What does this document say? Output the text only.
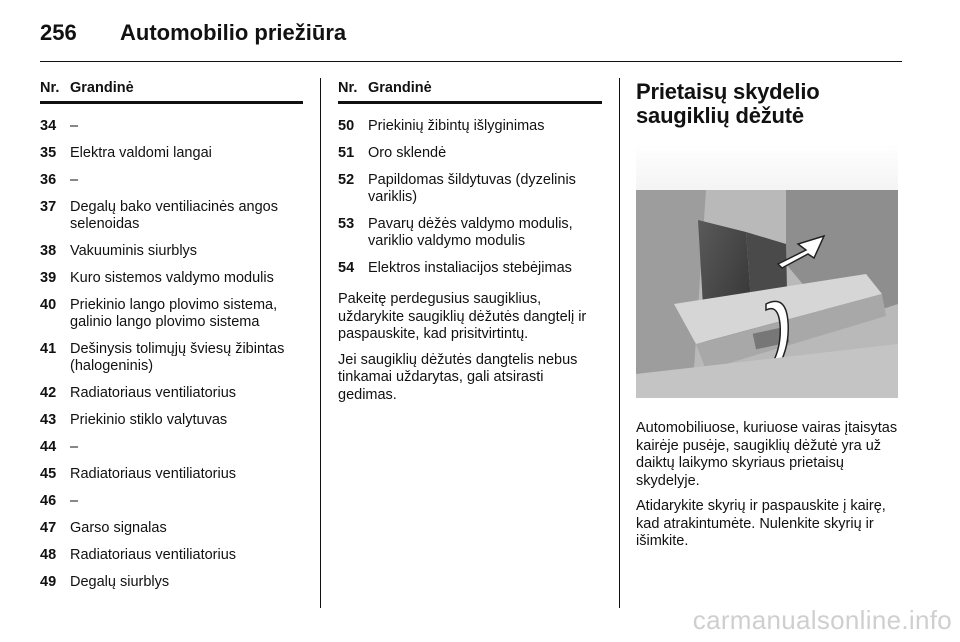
256 Automobilio priežiūra
Nr. Grandinė
34 –
35 Elektra valdomi langai
36 –
37 Degalų bako ventiliacinės angos selenoidas
38 Vakuuminis siurblys
39 Kuro sistemos valdymo modulis
40 Priekinio lango plovimo sistema, galinio lango plovimo sistema
41 Dešinysis tolimųjų šviesų žibintas (halogeninis)
42 Radiatoriaus ventiliatorius
43 Priekinio stiklo valytuvas
44 –
45 Radiatoriaus ventiliatorius
46 –
47 Garso signalas
48 Radiatoriaus ventiliatorius
49 Degalų siurblys
Nr. Grandinė
50 Priekinių žibintų išlyginimas
51 Oro sklendė
52 Papildomas šildytuvas (dyzelinis variklis)
53 Pavarų dėžės valdymo modulis, variklio valdymo modulis
54 Elektros instaliacijos stebėjimas

Pakeitę perdegusius saugiklius, uždarykite saugiklių dėžutės dangtelį ir paspauskite, kad prisitvirtintų.

Jei saugiklių dėžutės dangtelis nebus tinkamai uždarytas, gali atsirasti gedimas.

Prietaisų skydelio saugiklių dėžutė

Automobiliuose, kuriuose vairas įtaisytas kairėje pusėje, saugiklių dėžutė yra už daiktų laikymo skyriaus prietaisų skydelyje.

Atidarykite skyrių ir paspauskite į kairę, kad atrakintumėte. Nulenkite skyrių ir išimkite.

carmanualsonline.info
